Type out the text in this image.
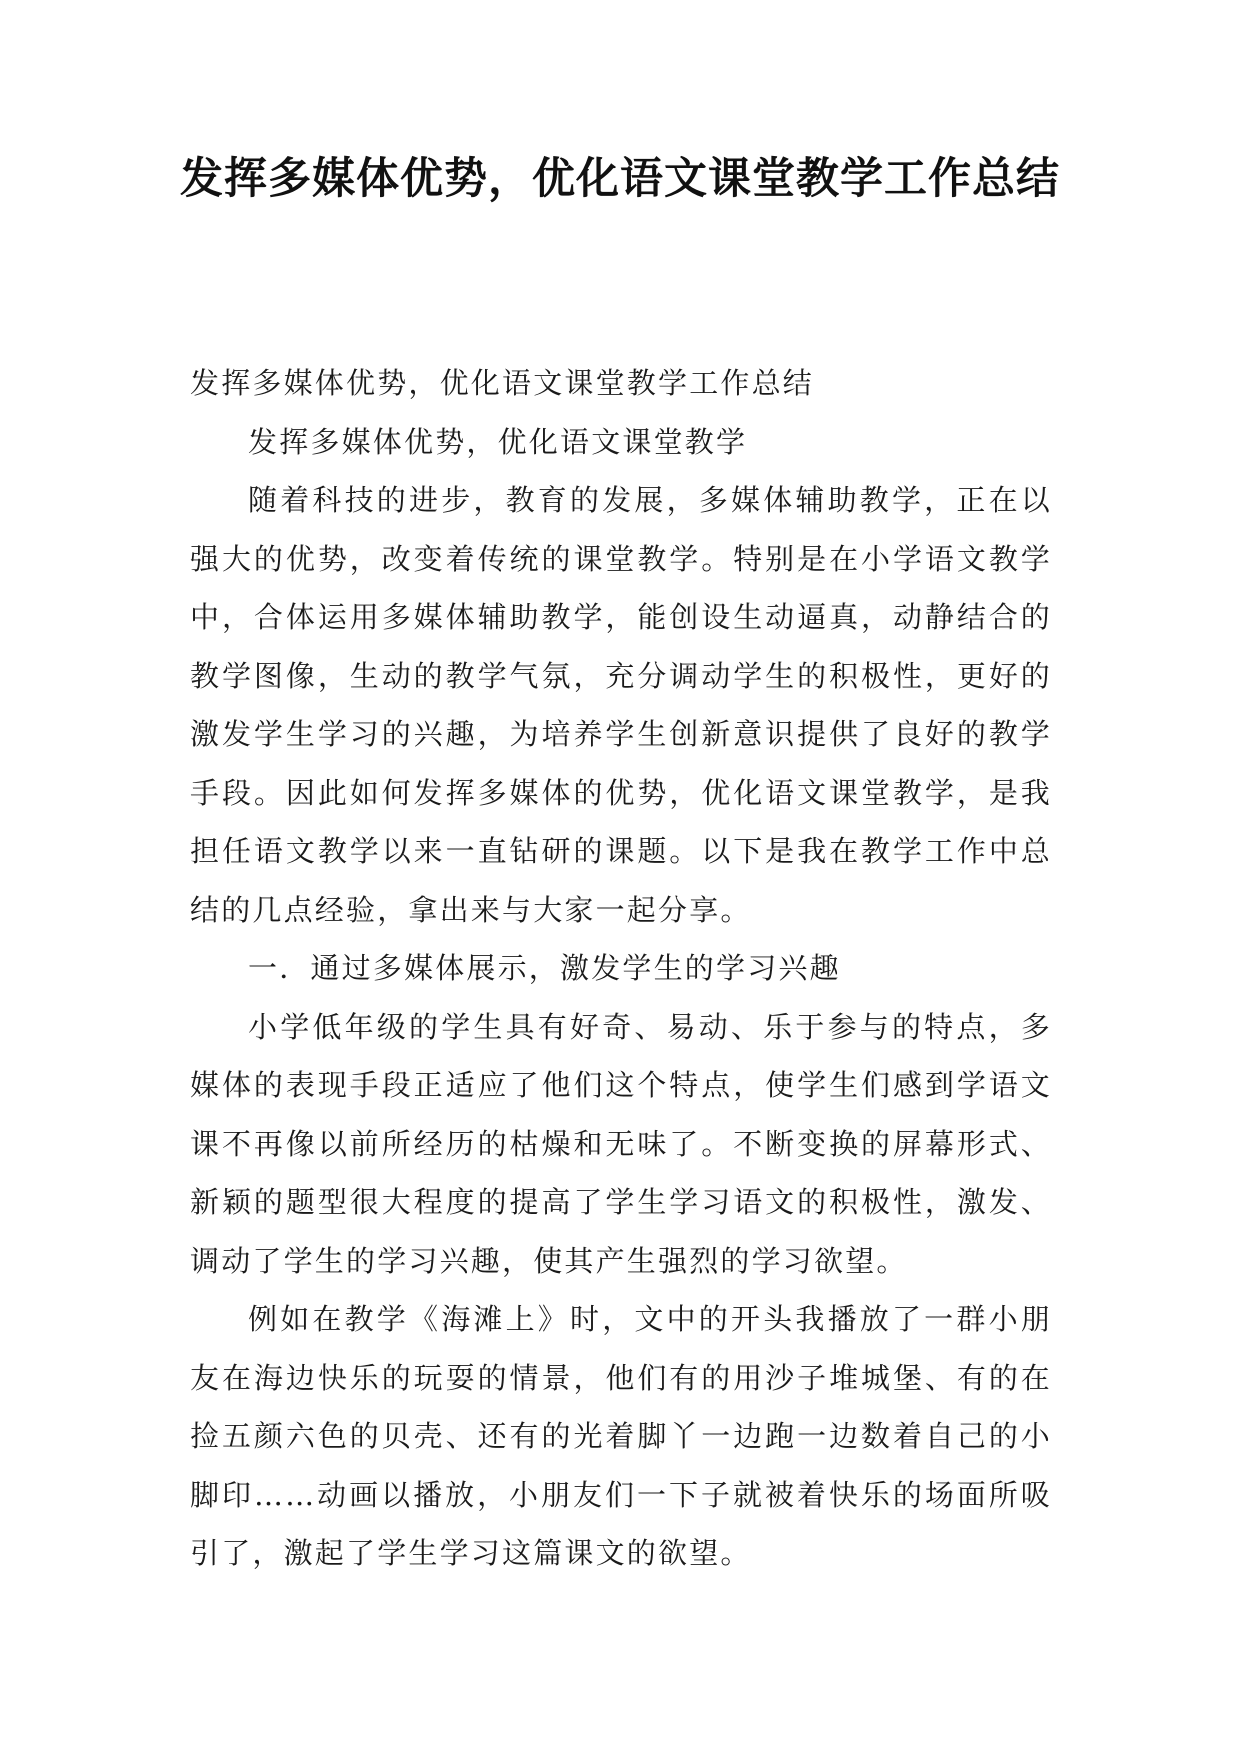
发挥多媒体优势，优化语文课堂教学工作总结

发挥多媒体优势，优化语文课堂教学工作总结

发挥多媒体优势，优化语文课堂教学

随着科技的进步，教育的发展，多媒体辅助教学，正在以强大的优势，改变着传统的课堂教学。特别是在小学语文教学中，合体运用多媒体辅助教学，能创设生动逼真，动静结合的教学图像，生动的教学气氛，充分调动学生的积极性，更好的激发学生学习的兴趣，为培养学生创新意识提供了良好的教学手段。因此如何发挥多媒体的优势，优化语文课堂教学，是我担任语文教学以来一直钻研的课题。以下是我在教学工作中总结的几点经验，拿出来与大家一起分享。

一．通过多媒体展示，激发学生的学习兴趣

小学低年级的学生具有好奇、易动、乐于参与的特点，多媒体的表现手段正适应了他们这个特点，使学生们感到学语文课不再像以前所经历的枯燥和无味了。不断变换的屏幕形式、新颖的题型很大程度的提高了学生学习语文的积极性，激发、调动了学生的学习兴趣，使其产生强烈的学习欲望。

例如在教学《海滩上》时，文中的开头我播放了一群小朋友在海边快乐的玩耍的情景，他们有的用沙子堆城堡、有的在捡五颜六色的贝壳、还有的光着脚丫一边跑一边数着自己的小脚印……动画以播放，小朋友们一下子就被着快乐的场面所吸引了，激起了学生学习这篇课文的欲望。
